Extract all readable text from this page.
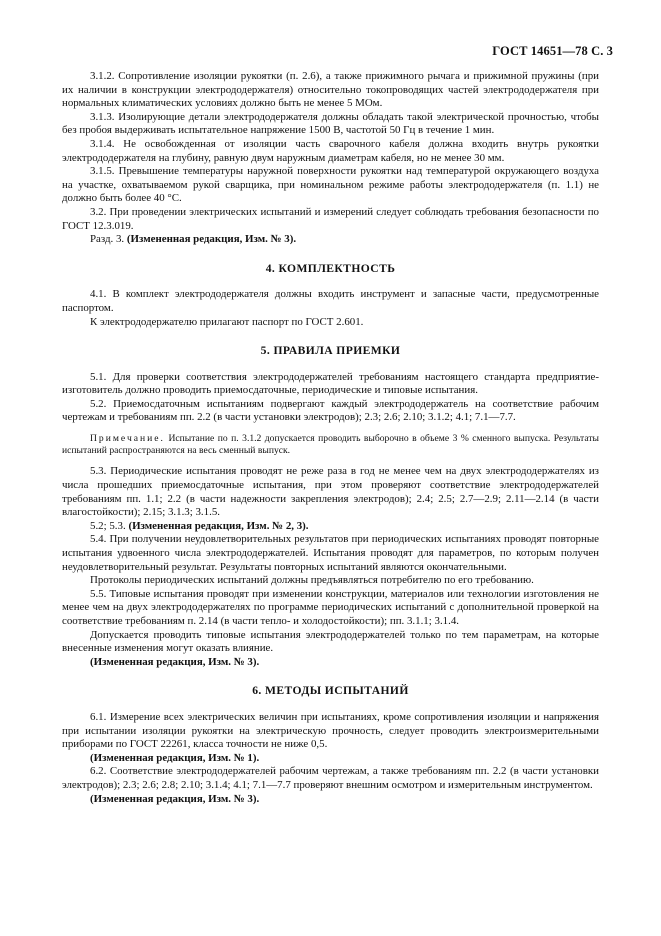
ГОСТ 14651—78 С. 3

3.1.2. Сопротивление изоляции рукоятки (п. 2.6), а также прижимного рычага и прижимной пружины (при их наличии в конструкции электрододержателя) относительно токопроводящих частей электрододержателя при нормальных климатических условиях должно быть не менее 5 МОм.

3.1.3. Изолирующие детали электрододержателя должны обладать такой электрической прочностью, чтобы без пробоя выдерживать испытательное напряжение 1500 В, частотой 50 Гц в течение 1 мин.

3.1.4. Не освобожденная от изоляции часть сварочного кабеля должна входить внутрь рукоятки электрододержателя на глубину, равную двум наружным диаметрам кабеля, но не менее 30 мм.

3.1.5. Превышение температуры наружной поверхности рукоятки над температурой окружающего воздуха на участке, охватываемом рукой сварщика, при номинальном режиме работы электрододержателя (п. 1.1) не должно быть более 40 °С.

3.2. При проведении электрических испытаний и измерений следует соблюдать требования безопасности по ГОСТ 12.3.019.

Разд. 3. (Измененная редакция, Изм. № 3).

4. КОМПЛЕКТНОСТЬ

4.1. В комплект электрододержателя должны входить инструмент и запасные части, предусмотренные паспортом.

К электрододержателю прилагают паспорт по ГОСТ 2.601.

5. ПРАВИЛА ПРИЕМКИ

5.1. Для проверки соответствия электрододержателей требованиям настоящего стандарта предприятие-изготовитель должно проводить приемосдаточные, периодические и типовые испытания.

5.2. Приемосдаточным испытаниям подвергают каждый электрододержатель на соответствие рабочим чертежам и требованиям пп. 2.2 (в части установки электродов); 2.3; 2.6; 2.10; 3.1.2; 4.1; 7.1—7.7.

Примечание. Испытание по п. 3.1.2 допускается проводить выборочно в объеме 3 % сменного выпуска. Результаты испытаний распространяются на весь сменный выпуск.

5.3. Периодические испытания проводят не реже раза в год не менее чем на двух электрододержателях из числа прошедших приемосдаточные испытания, при этом проверяют соответствие электрододержателей требованиям пп. 1.1; 2.2 (в части надежности закрепления электродов); 2.4; 2.5; 2.7—2.9; 2.11—2.14 (в части влагостойкости); 2.15; 3.1.3; 3.1.5.

5.2; 5.3. (Измененная редакция, Изм. № 2, 3).

5.4. При получении неудовлетворительных результатов при периодических испытаниях проводят повторные испытания удвоенного числа электрододержателей. Испытания проводят для параметров, по которым получен неудовлетворительный результат. Результаты повторных испытаний являются окончательными.

Протоколы периодических испытаний должны предъявляться потребителю по его требованию.

5.5. Типовые испытания проводят при изменении конструкции, материалов или технологии изготовления не менее чем на двух электрододержателях по программе периодических испытаний с дополнительной проверкой на соответствие требованиям п. 2.14 (в части тепло- и холодостойкости); пп. 3.1.1; 3.1.4.

Допускается проводить типовые испытания электрододержателей только по тем параметрам, на которые внесенные изменения могут оказать влияние.

(Измененная редакция, Изм. № 3).

6. МЕТОДЫ ИСПЫТАНИЙ

6.1. Измерение всех электрических величин при испытаниях, кроме сопротивления изоляции и напряжения при испытании изоляции рукоятки на электрическую прочность, следует проводить электроизмерительными приборами по ГОСТ 22261, класса точности не ниже 0,5.

(Измененная редакция, Изм. № 1).

6.2. Соответствие электрододержателей рабочим чертежам, а также требованиям пп. 2.2 (в части установки электродов); 2.3; 2.6; 2.8; 2.10; 3.1.4; 4.1; 7.1—7.7 проверяют внешним осмотром и измерительным инструментом.

(Измененная редакция, Изм. № 3).
